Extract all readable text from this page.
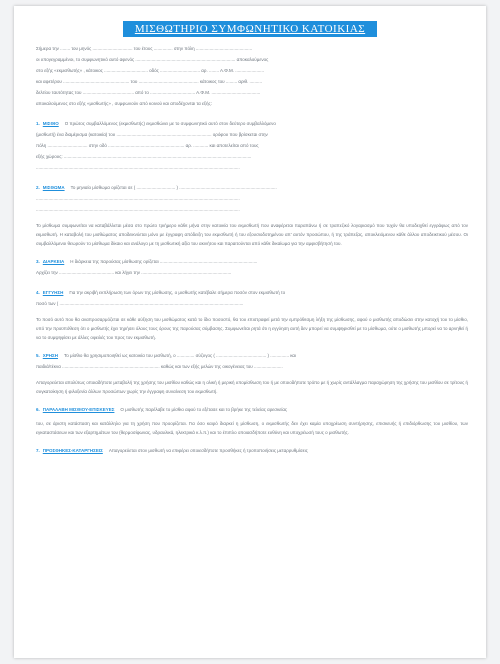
ΜΙΣΘΩΤΗΡΙΟ ΣΥΜΦΩΝΗΤΙΚΟ ΚΑΤΟΙΚΙΑΣ
Σήμερα την ........ του μηνός ................................ του έτους ............... στην πόλη .............................................
οι υπογεγραμμένοι, το συμφωνητικό αυτό αφενός ................................................................................ αποκαλούμενος
στο εξής «εκμισθωτής» , κάτοικος ................................... οδός ................................ αρ. ........ Α.Φ.Μ. .......................
και αφετέρου ..................................................... του ................................................ κάτοικος του ......... αριθ. ..........
δελτίου ταυτότητας του ......................................... από το .................................... Α.Φ.Μ. .......................................
αποκαλούμενος στο εξής «μισθωτής» , συμφωνούν από κοινού και αποδέχονται τα εξής:
1. ΜΙΣΘΙΟ Ο πρώτος συμβαλλόμενος (εκμισθωτής) εκμισθώνει με το συμφωνητικό αυτό στον δεύτερο συμβαλλόμενο
(μισθωτή) ένα διαμέρισμα (κατοικία) του ............................................................................ ορόφου που βρίσκεται στην
πόλη ................................ στην οδό ............................................................. αρ. ............ και αποτελείται από τους
εξής χώρους: ......................................................................................................................................................
...................................................................................................................................................................
2. ΜΙΣΘΩΜΑ Το μηνιαίο μίσθωμα ορίζεται σε ( ............................... ) ..............................................................................
...................................................................................................................................................................
...................................................................................................................................................................
Το μίσθωμα συμφωνείται να καταβάλλεται μέσα στο πρώτο τριήμερο κάθε μήνα στην κατοικία του εκμισθωτή που αναφέρεται παραπάνω ή σε τραπεζικό λογαριασμό που τυχόν θα υποδειχθεί εγγράφως από τον εκμισθωτή. Η καταβολή του μισθώματος αποδεικνύεται μόνο με έγγραφη απόδειξη του εκμισθωτή ή του εξουσιοδοτημένου απ' αυτόν προσώπου, ή της τράπεζας, αποκλειόμενου κάθε άλλου αποδεικτικού μέσου. Οι συμβαλλόμενοι θεωρούν το μίσθωμα δίκαιο και ανάλογο με τη μισθωτική αξία του ακινήτου και παραιτούνται από κάθε δικαίωμα για την αμφισβήτησή του.
3. ΔΙΑΡΚΕΙΑ Η διάρκεια της παρούσας μίσθωσης ορίζεται ..............................................................................
Αρχίζει την ............................................ και λήγει την ........................................................................
4. ΕΓΓΥΗΣΗ Για την ακριβή εκπλήρωση των όρων της μίσθωσης, ο μισθωτής κατέβαλε σήμερα ποσόν στον εκμισθωτή το
ποσό των ( ...................................................................................................................................................
Το ποσό αυτό που θα αναπροσαρμόζεται σε κάθε αύξηση του μισθώματος κατά το ίδιο ποσοστό, θα του επιστραφεί μετά την εμπρόθεσμη λήξη της μίσθωσης, αφού ο μισθωτής αποδώσει στην κατοχή του το μίσθιο, υπό την προϋπόθεση ότι ο μισθωτής έχει τηρήσει όλους τους όρους της παρούσας σύμβασης. Συμφωνείται ρητά ότι η εγγύηση αυτή δεν μπορεί να συμψηφισθεί με το μίσθωμα, ούτε ο μισθωτής μπορεί να το αρνηθεί ή να το συμψηφίσει με άλλες οφειλές του προς τον εκμισθωτή.
5. ΧΡΗΣΗ Το μίσθιο θα χρησιμοποιηθεί ως κατοικία του μισθωτή, ο .............. σύζυγος ( ........................................ ) ............... και
παιδιά/τέκνα .............................................................................. καθώς και των εξής μελών της οικογένειας του .......................
Απαγορεύεται απολύτως οποιαδήποτε μεταβολή της χρήσης του μισθίου καθώς και η ολική ή μερική υπομίσθωση του ή με οποιοδήποτε τρόπο με ή χωρίς αντάλλαγμα παραχώρηση της χρήσης του μισθίου σε τρίτους ή συγκατοίκηση ή φιλοξενία άλλων προσώπων χωρίς την έγγραφη συναίνεση του εκμισθωτή.
6. ΠΑΡΑΛΑΒΗ ΜΙΣΘΙΟΥ-ΕΠΙΣΚΕΥΕΣ Ο μισθωτής παρέλαβε το μίσθιο αφού το εξέτασε και το βρήκε της τελείας αρεσκείας
του, σε άριστη κατάσταση και κατάλληλο για τη χρήση που προορίζεται. Για όσο καιρό διαρκεί η μίσθωση, ο εκμισθωτής δεν έχει καμία υποχρέωση συντήρησης, επισκευής ή επιδιόρθωσης του μισθίου, των εγκαταστάσεων και των εξαρτημάτων του (θερμοσίφωνας, υδραυλικά, ηλεκτρικά κ.λ.π.) και το έπιπλο οποιασδήποτε ευθύνη και υποχρέωσή τους ο μισθωτής.
7. ΠΡΟΣΘΗΚΕΣ-ΚΑΤΑΡΓΗΣΕΙΣ Απαγορεύεται στον μισθωτή να επιφέρει οποιεσδήποτε προσθήκες ή τροποποιήσεις μεταρρυθμίσεις
